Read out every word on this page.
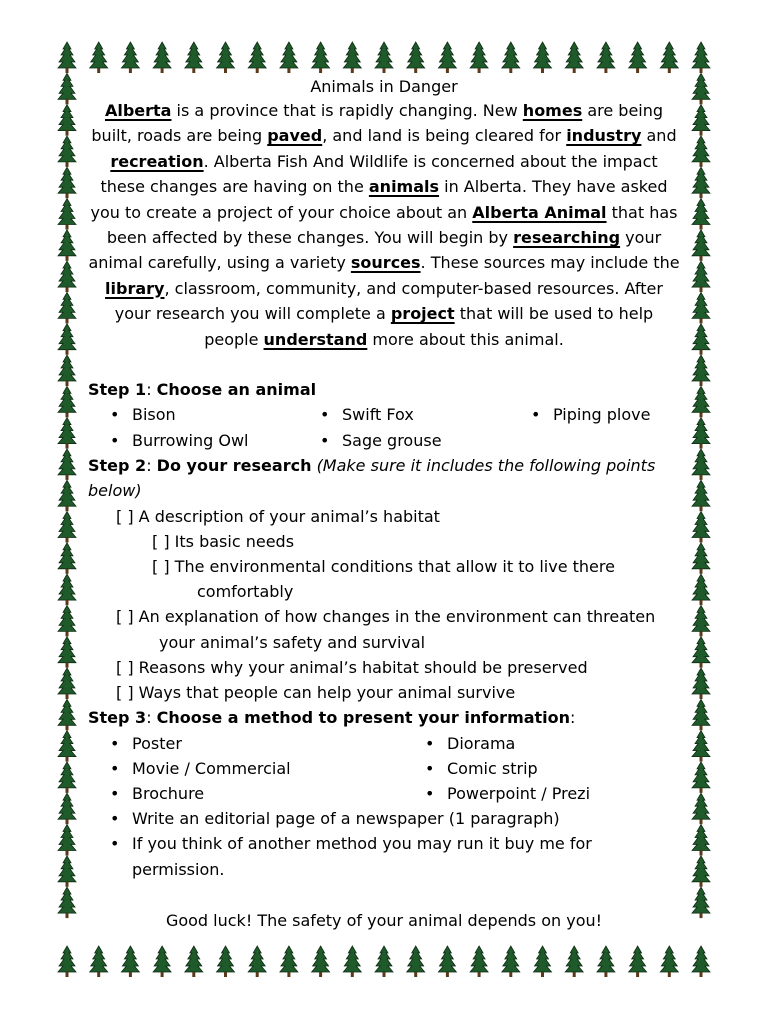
Animals in Danger

Alberta is a province that is rapidly changing. New homes are being built, roads are being paved, and land is being cleared for industry and recreation. Alberta Fish And Wildlife is concerned about the impact these changes are having on the animals in Alberta. They have asked you to create a project of your choice about an Alberta Animal that has been affected by these changes. You will begin by researching your animal carefully, using a variety sources. These sources may include the library, classroom, community, and computer-based resources. After your research you will complete a project that will be used to help people understand more about this animal.

Step 1: Choose an animal
• Bison	• Swift Fox	• Piping plove
• Burrowing Owl	• Sage grouse
Step 2: Do your research (Make sure it includes the following points below)
[ ] A description of your animal’s habitat
[ ] Its basic needs
[ ] The environmental conditions that allow it to live there
comfortably
[ ] An explanation of how changes in the environment can threaten
your animal’s safety and survival
[ ] Reasons why your animal’s habitat should be preserved
[ ] Ways that people can help your animal survive
Step 3: Choose a method to present your information:
• Poster	• Diorama
• Movie / Commercial	• Comic strip
• Brochure	• Powerpoint / Prezi
• Write an editorial page of a newspaper (1 paragraph)
• If you think of another method you may run it buy me for
permission.
Good luck! The safety of your animal depends on you!
